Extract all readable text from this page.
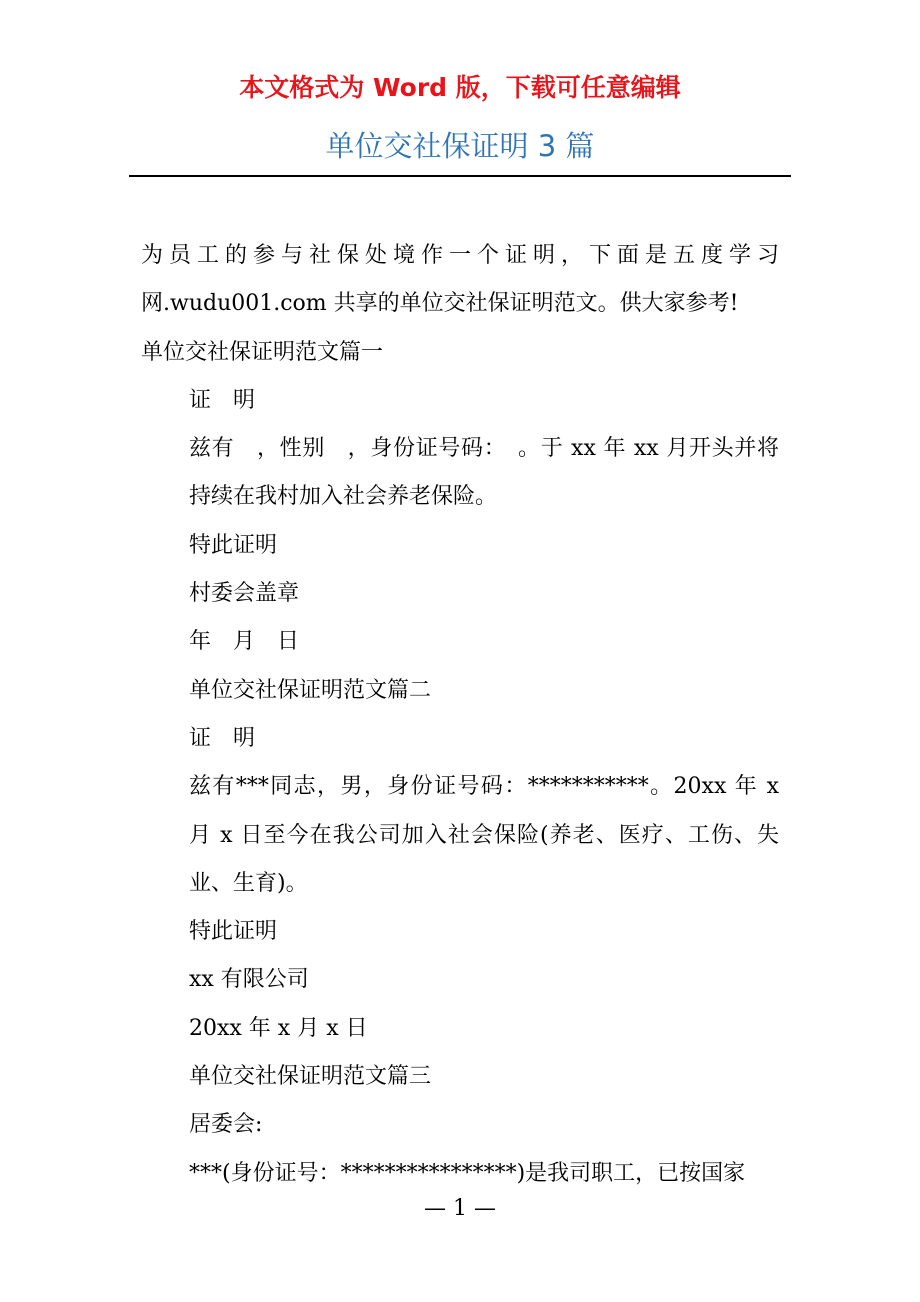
本文格式为 Word 版，下载可任意编辑
单位交社保证明 3 篇

为员工的参与社保处境作一个证明，下面是五度学习网.wudu001.com 共享的单位交社保证明范文。供大家参考!

单位交社保证明范文篇一

证　明

兹有　，性别　，身份证号码：　。于 xx 年 xx 月开头并将持续在我村加入社会养老保险。

特此证明

村委会盖章

年　月　日

单位交社保证明范文篇二

证　明

兹有***同志，男，身份证号码：***********。20xx 年 x 月 x 日至今在我公司加入社会保险(养老、医疗、工伤、失业、生育)。

特此证明

xx 有限公司

20xx 年 x 月 x 日

单位交社保证明范文篇三

居委会:

***(身份证号：****************)是我司职工，已按国家

— 1 —
